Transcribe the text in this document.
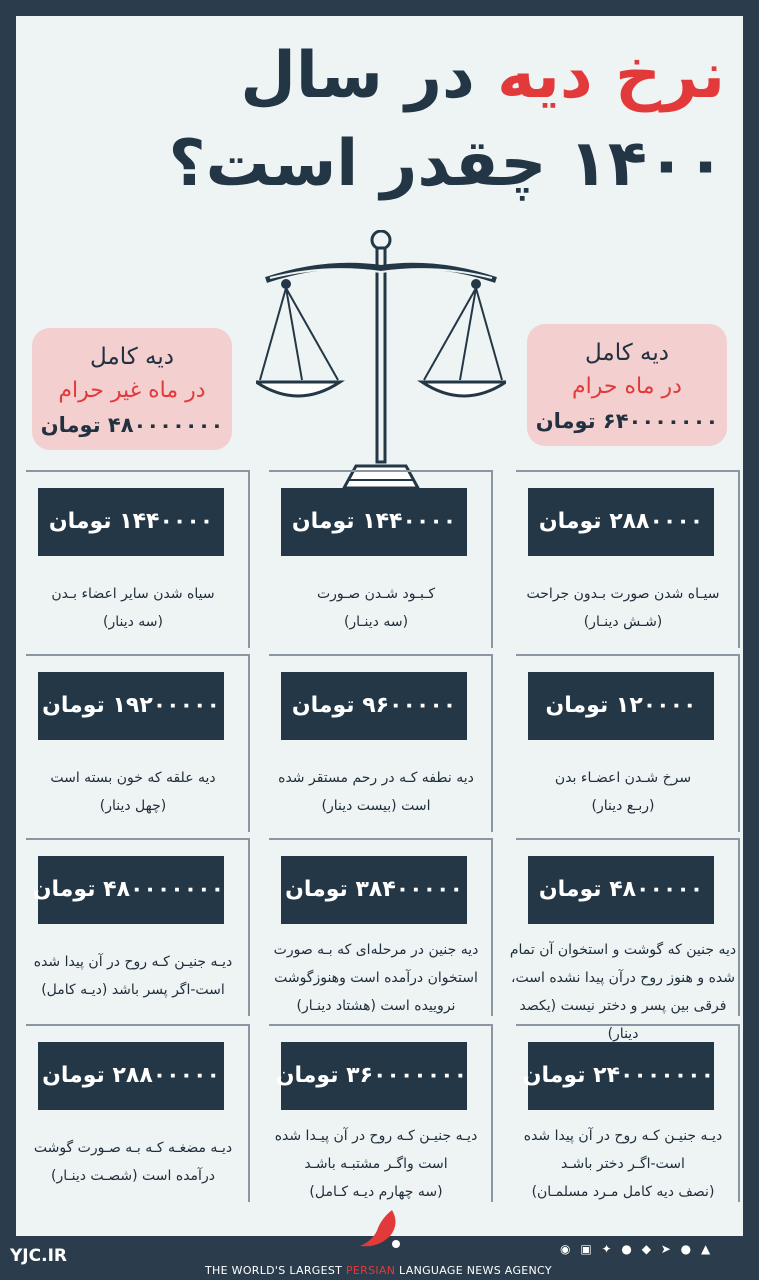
نرخ دیه در سال
۱۴۰۰ چقدر است؟
دیه کامل
در ماه غیر حرام
۴۸۰۰۰۰۰۰۰ تومان
دیه کامل
در ماه حرام
۶۴۰۰۰۰۰۰۰ تومان
۲۸۸۰۰۰۰ تومان
سیـاه شدن صورت بـدون جراحت
(شـش دینـار)
۱۴۴۰۰۰۰ تومان
کـبـود شـدن صـورت
(سه دینـار)
۱۴۴۰۰۰۰ تومان
سیاه شدن سایر اعضاء بـدن
(سه دینار)
۱۲۰۰۰۰ تومان
سرخ شـدن اعضـاء بدن
(ربـع دینار)
۹۶۰۰۰۰۰ تومان
دیه نطفه کـه در رحم مستقر شده
است (بیست دینار)
۱۹۲۰۰۰۰۰ تومان
دیه علقه که خون بسته است
(چهل دینار)
۴۸۰۰۰۰۰ تومان
دیه جنین که گوشت و استخوان آن تمام
شده و هنوز روح درآن پیدا نشده است،
فرقی بین پسر و دختر نیست (یکصد دینار)
۳۸۴۰۰۰۰۰ تومان
دیه جنین در مرحله‌ای که بـه صورت
استخوان درآمده است وهنوزگوشت
نروییده است (هشتاد دینـار)
۴۸۰۰۰۰۰۰۰ تومان
دیـه جنیـن کـه روح در آن پیدا شده
است-اگر پسر باشد (دیـه کامل)
۲۴۰۰۰۰۰۰۰ تومان
دیـه جنیـن کـه روح در آن پیدا شده
است-اگـر دختر باشـد
(نصف دیه کامل مـرد مسلمـان)
۳۶۰۰۰۰۰۰۰ تومان
دیـه جنیـن کـه روح در آن پیـدا شده
است واگـر مشتبـه باشـد
(سه چهارم دیـه کـامل)
۲۸۸۰۰۰۰۰ تومان
دیـه مضغـه کـه بـه صـورت گوشت
درآمده است (شصـت دینـار)
YJC.IR
THE WORLD'S LARGEST PERSIAN LANGUAGE NEWS AGENCY
◉ ▣ ✦ ● ◆ ➤ ● ▲
